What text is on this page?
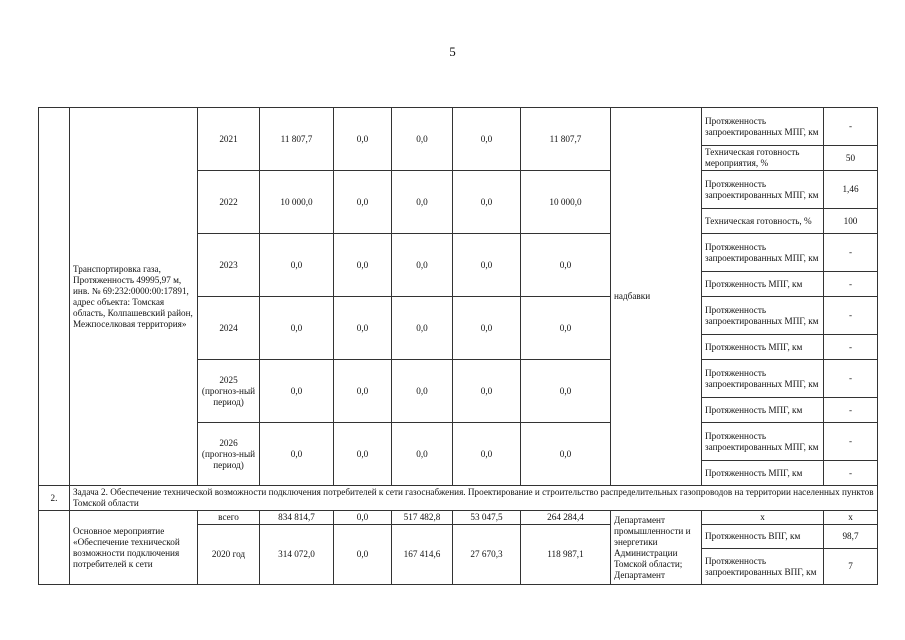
5
	Транспортировка газа, Протяженность 49995,97 м, инв. № 69:232:0000:00:17891, адрес объекта: Томская область, Колпашевский район, Межпоселковая территория»	2021	11 807,7	0,0	0,0	0,0	11 807,7	надбавки	Протяженность запроектированных МПГ, км	-
									Техническая готовность мероприятия, %	50
		2022	10 000,0	0,0	0,0	0,0	10 000,0		Протяженность запроектированных МПГ, км	1,46
									Техническая готовность, %	100
		2023	0,0	0,0	0,0	0,0	0,0		Протяженность запроектированных МПГ, км	-
									Протяженность МПГ, км	-
		2024	0,0	0,0	0,0	0,0	0,0		Протяженность запроектированных МПГ, км	-
									Протяженность МПГ, км	-
		2025 (прогноз-ный период)	0,0	0,0	0,0	0,0	0,0		Протяженность запроектированных МПГ, км	-
									Протяженность МПГ, км	-
		2026 (прогноз-ный период)	0,0	0,0	0,0	0,0	0,0		Протяженность запроектированных МПГ, км	-
									Протяженность МПГ, км	-
2.	Задача 2. Обеспечение технической возможности подключения потребителей к сети газоснабжения. Проектирование и строительство распределительных газопроводов на территории населенных пунктов Томской области									
	Основное мероприятие «Обеспечение технической возможности подключения потребителей к сети	всего	834 814,7	0,0	517 482,8	53 047,5	264 284,4	Департамент промышленности и энергетики Администрации Томской области; Департамент	x	x
		2020 год	314 072,0	0,0	167 414,6	27 670,3	118 987,1		Протяженность ВПГ, км	98,7
									Протяженность запроектированных ВПГ, км	7
